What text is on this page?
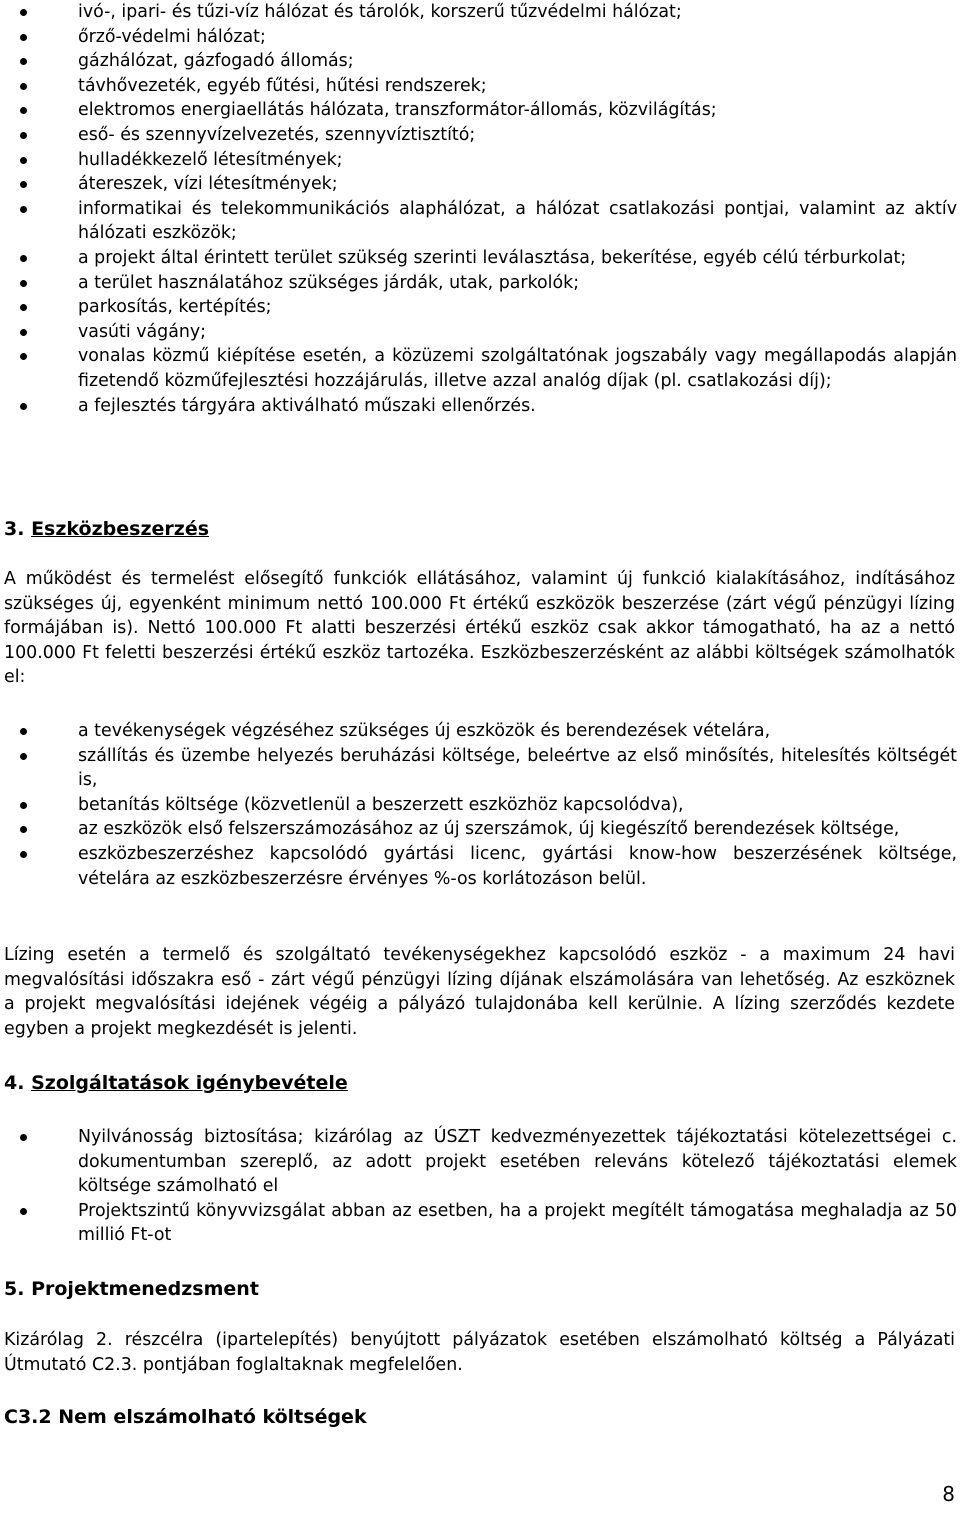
ivó-, ipari- és tűzi-víz hálózat és tárolók, korszerű tűzvédelmi hálózat;
őrző-védelmi hálózat;
gázhálózat, gázfogadó állomás;
távhővezeték, egyéb fűtési, hűtési rendszerek;
elektromos energiaellátás hálózata, transzformátor-állomás, közvilágítás;
eső- és szennyvízelvezetés, szennyvíztisztító;
hulladékkezelő létesítmények;
átereszek, vízi létesítmények;
informatikai és telekommunikációs alaphálózat, a hálózat csatlakozási pontjai, valamint az aktív hálózati eszközök;
a projekt által érintett terület szükség szerinti leválasztása, bekerítése, egyéb célú térburkolat;
a terület használatához szükséges járdák, utak, parkolók;
parkosítás, kertépítés;
vasúti vágány;
vonalas közmű kiépítése esetén, a közüzemi szolgáltatónak jogszabály vagy megállapodás alapján fizetendő közműfejlesztési hozzájárulás, illetve azzal analóg díjak (pl. csatlakozási díj);
a fejlesztés tárgyára aktiválható műszaki ellenőrzés.
3. Eszközbeszerzés

A működést és termelést elősegítő funkciók ellátásához, valamint új funkció kialakításához, indításához szükséges új, egyenként minimum nettó 100.000 Ft értékű eszközök beszerzése (zárt végű pénzügyi lízing formájában is). Nettó 100.000 Ft alatti beszerzési értékű eszköz csak akkor támogatható, ha az a nettó 100.000 Ft feletti beszerzési értékű eszköz tartozéka. Eszközbeszerzésként az alábbi költségek számolhatók el:

a tevékenységek végzéséhez szükséges új eszközök és berendezések vételára,
szállítás és üzembe helyezés beruházási költsége, beleértve az első minősítés, hitelesítés költségét is,
betanítás költsége (közvetlenül a beszerzett eszközhöz kapcsolódva),
az eszközök első felszerszámozásához az új szerszámok, új kiegészítő berendezések költsége,
eszközbeszerzéshez kapcsolódó gyártási licenc, gyártási know-how beszerzésének költsége, vételára az eszközbeszerzésre érvényes %-os korlátozáson belül.

Lízing esetén a termelő és szolgáltató tevékenységekhez kapcsolódó eszköz - a maximum 24 havi megvalósítási időszakra eső - zárt végű pénzügyi lízing díjának elszámolására van lehetőség. Az eszköznek a projekt megvalósítási idejének végéig a pályázó tulajdonába kell kerülnie. A lízing szerződés kezdete egyben a projekt megkezdését is jelenti.

4. Szolgáltatások igénybevétele
Nyilvánosság biztosítása; kizárólag az ÚSZT kedvezményezettek tájékoztatási kötelezettségei c. dokumentumban szereplő, az adott projekt esetében releváns kötelező tájékoztatási elemek költsége számolható el
Projektszintű könyvvizsgálat abban az esetben, ha a projekt megítélt támogatása meghaladja az 50 millió Ft-ot
5. Projektmenedzsment

Kizárólag 2. részcélra (ipartelepítés) benyújtott pályázatok esetében elszámolható költség a Pályázati Útmutató C2.3. pontjában foglaltaknak megfelelően.

C3.2 Nem elszámolható költségek
8
